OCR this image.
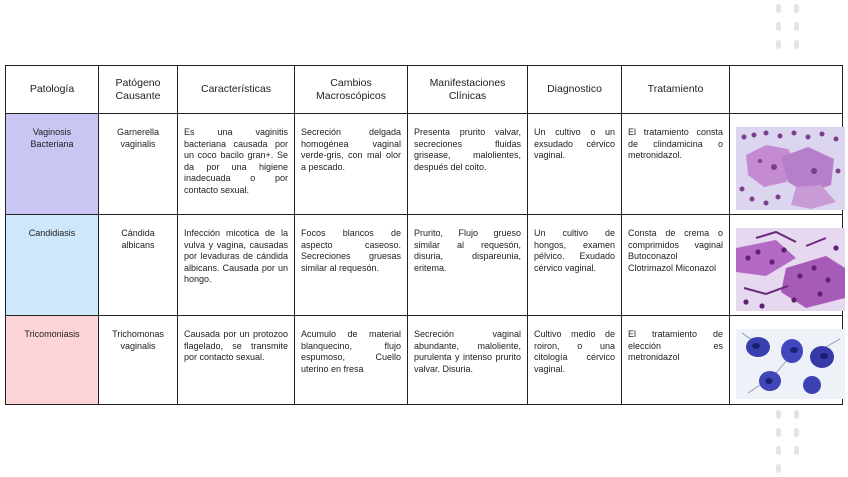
Patología	Patógeno Causante	Características	Cambios Macroscópicos	Manifestaciones Clínicas	Diagnostico	Tratamiento	
Vaginosis Bacteriana	Garnerella vaginalis	Es una vaginitis bacteriana causada por un coco bacilo gran+. Se da por una higiene inadecuada o por contacto sexual.	Secreción delgada homogénea vaginal verde-gris, con mal olor a pescado.	Presenta prurito valvar, secreciones fluidas grisease, malolientes, después del coito.	Un cultivo o un exsudado cérvico vaginal.	El tratamiento consta de clindamicina o metronidazol.	

Candidiasis	Cándida albicans	Infección micotica de la vulva y vagina, causadas por levaduras de cándida albicans. Causada por un hongo.	Focos blancos de aspecto caseoso. Secreciones gruesas similar al requesón.	Prurito, Flujo grueso similar al requesón, disuria, dispareunia, eritema.	Un cultivo de hongos, examen pélvico. Exudado cérvico vaginal.	Consta de crema o comprimidos vaginal Butoconazol Clotrimazol Miconazol	

Tricomoniasis	Trichomonas vaginalis	Causada por un protozoo flagelado, se transmite por contacto sexual.	Acumulo de material blanquecino, flujo espumoso, Cuello uterino en fresa	Secreción vaginal abundante, maloliente, purulenta y intenso prurito valvar. Disuria.	Cultivo medio de roiron, o una citología cérvico vaginal.	El tratamiento de elección es metronidazol	
